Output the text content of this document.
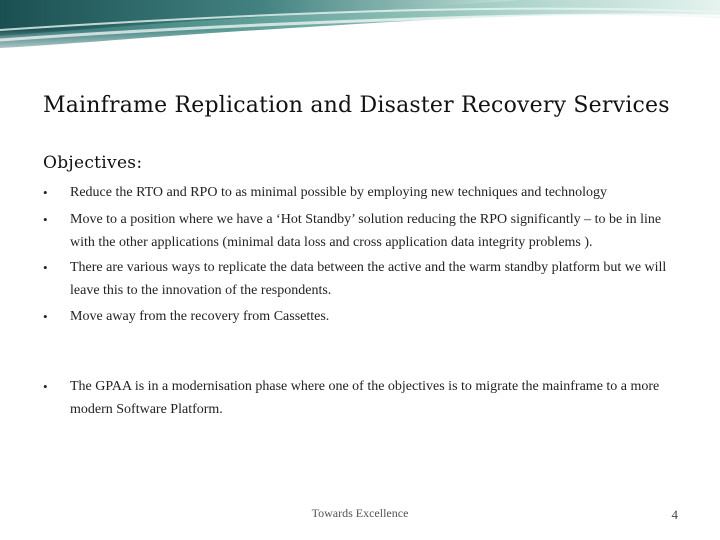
Mainframe Replication and Disaster Recovery Services
Objectives:
• Reduce the RTO and RPO to as minimal possible by employing new techniques and technology
• Move to a position where we have a ‘Hot Standby’ solution reducing the RPO significantly – to be in line with the other applications (minimal data loss and cross application data integrity problems ).
• There are various ways to replicate the data between the active and the warm standby platform but we will leave this to the innovation of the respondents.
• Move away from the recovery from Cassettes.
• The GPAA is in a modernisation phase where one of the objectives is to migrate the mainframe to a more modern Software Platform.
Towards Excellence	4
